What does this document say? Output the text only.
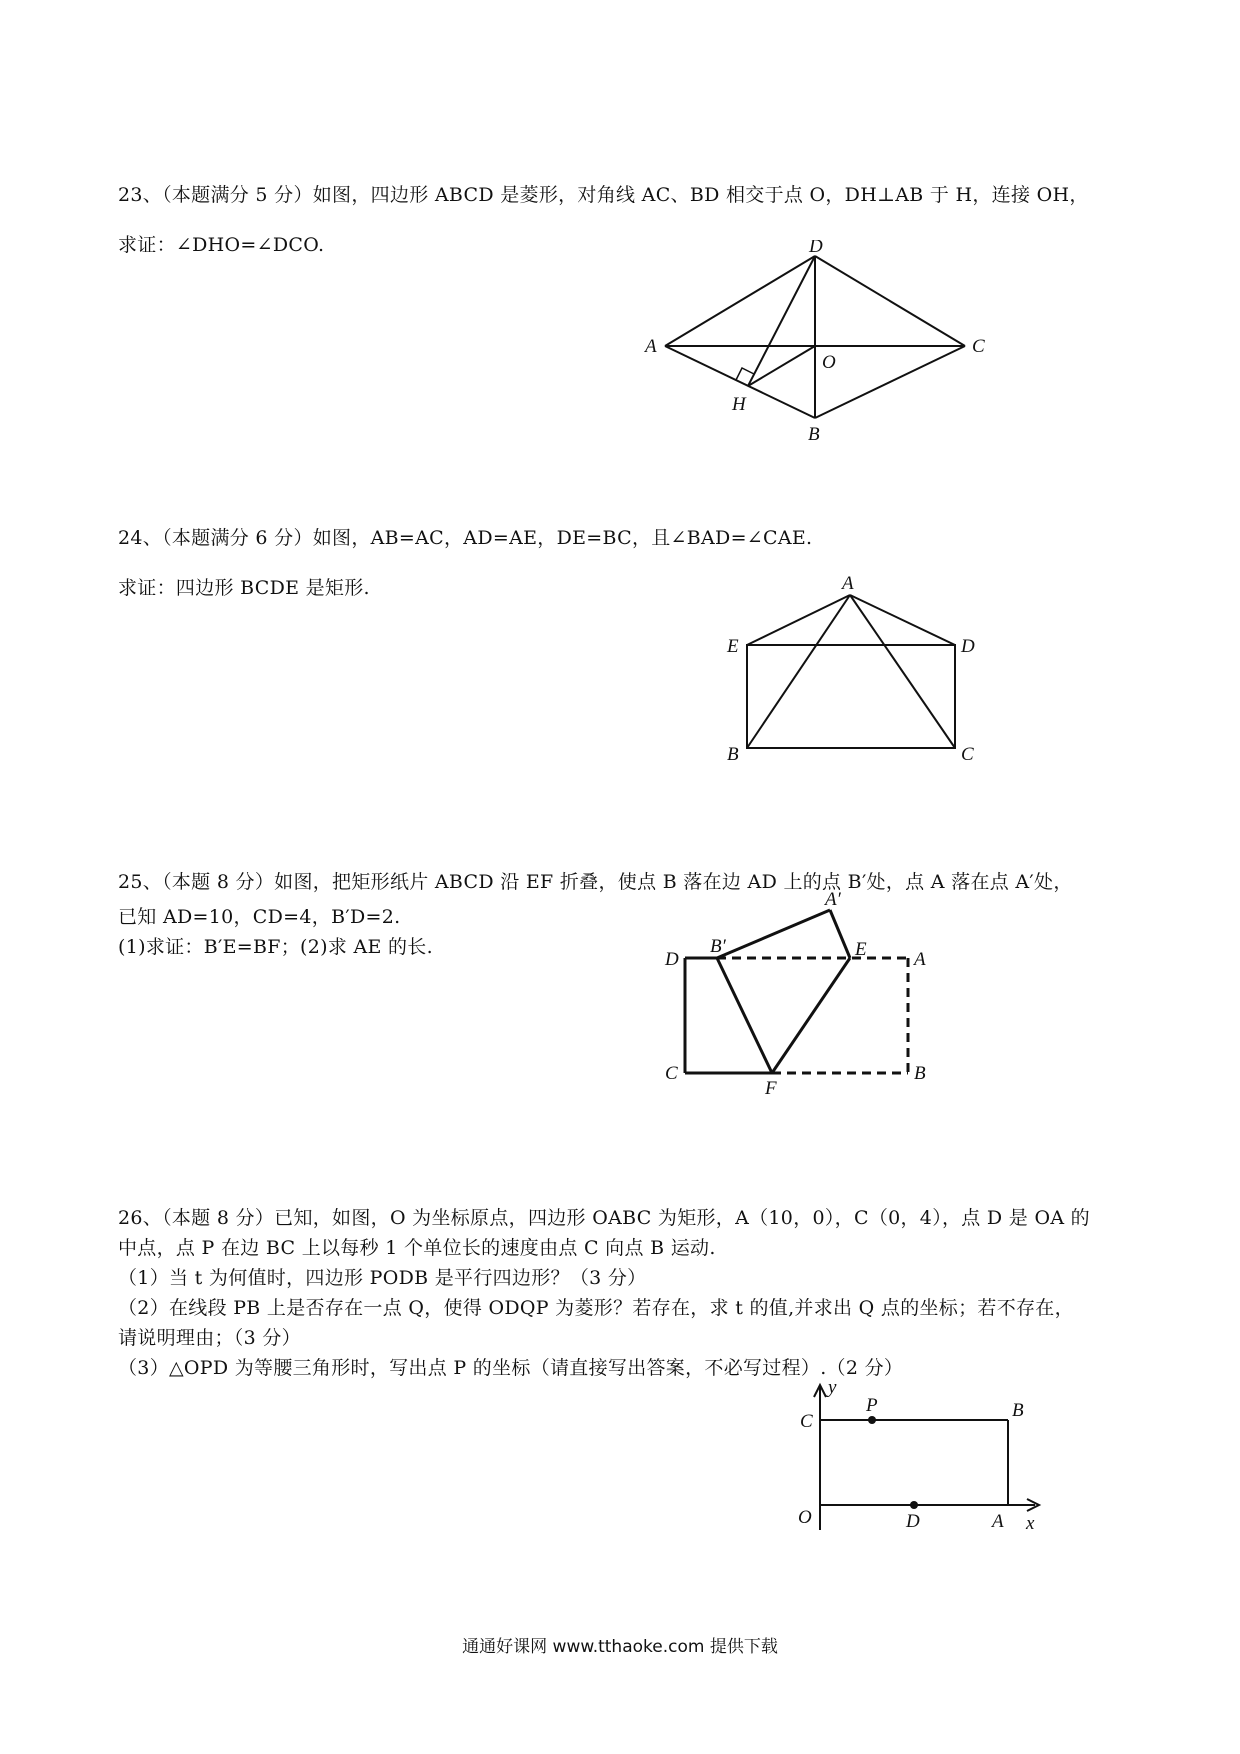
23、（本题满分 5 分）如图，四边形 ABCD 是菱形，对角线 AC、BD 相交于点 O，DH⊥AB 于 H，连接 OH，
求证：∠DHO=∠DCO.	D
A
O
C
H
B
24、（本题满分 6 分）如图，AB=AC，AD=AE，DE=BC，且∠BAD=∠CAE.
求证：四边形 BCDE 是矩形.	A
E	D
B	C
25、（本题 8 分）如图，把矩形纸片 ABCD 沿 EF 折叠，使点 B 落在边 AD 上的点 B′处，点 A 落在点 A′处，
已知 AD=10，CD=4，B′D=2.
(1)求证：B′E=BF；(2)求 AE 的长.
A′
D
B′	E A
C	B
F
26、（本题 8 分）已知，如图，O 为坐标原点，四边形 OABC 为矩形，A（10，0），C（0，4），点 D 是 OA 的
中点，点 P 在边 BC 上以每秒 1 个单位长的速度由点 C 向点 B 运动.
（1）当 t 为何值时，四边形 PODB 是平行四边形？（3 分）
（2）在线段 PB 上是否存在一点 Q，使得 ODQP 为菱形？若存在，求 t 的值,并求出 Q 点的坐标；若不存在，
请说明理由；（3 分）
（3）△OPD 为等腰三角形时，写出点 P 的坐标（请直接写出答案，不必写过程）.（2 分）
y
C
P	B
O	D	A x
通通好课网 www.tthaoke.com 提供下载
